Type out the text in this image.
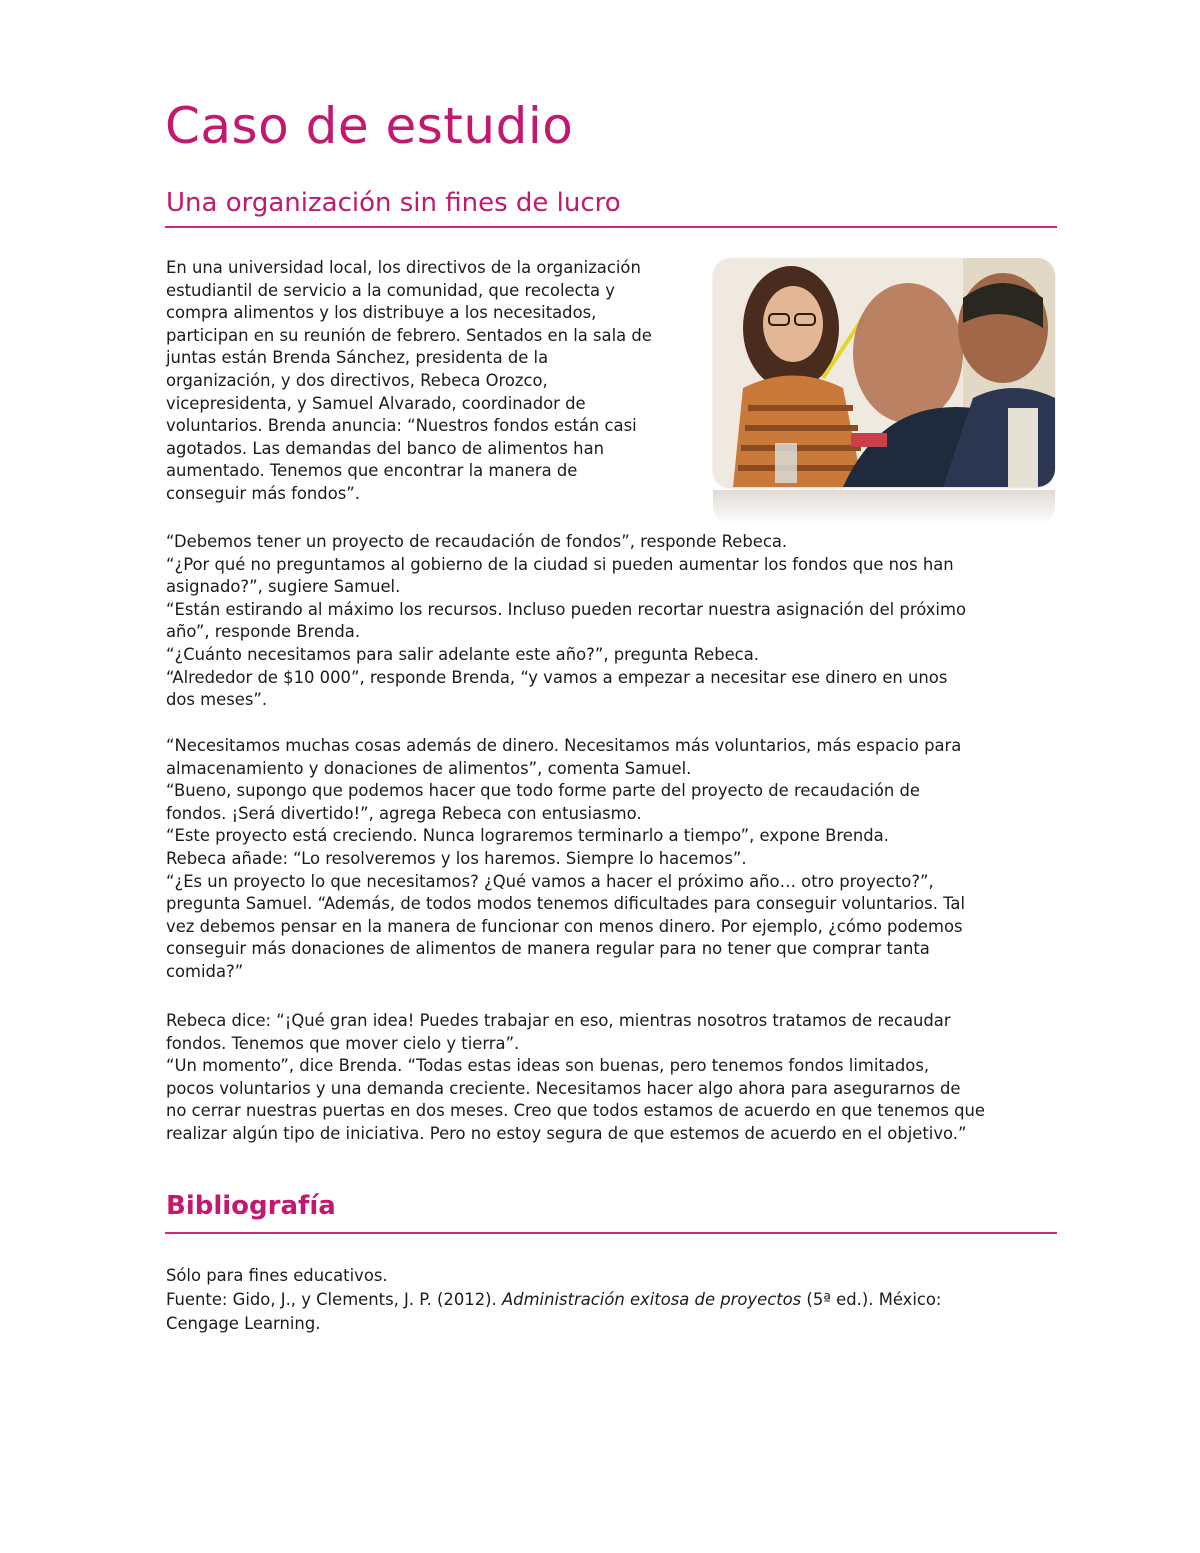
Caso de estudio
Una organización sin fines de lucro

En una universidad local, los directivos de la organización
estudiantil de servicio a la comunidad, que recolecta y
compra alimentos y los distribuye a los necesitados,
participan en su reunión de febrero. Sentados en la sala de
juntas están Brenda Sánchez, presidenta de la
organización, y dos directivos, Rebeca Orozco,
vicepresidenta, y Samuel Alvarado, coordinador de
voluntarios. Brenda anuncia: “Nuestros fondos están casi
agotados. Las demandas del banco de alimentos han
aumentado. Tenemos que encontrar la manera de
conseguir más fondos”.

“Debemos tener un proyecto de recaudación de fondos”, responde Rebeca.
“¿Por qué no preguntamos al gobierno de la ciudad si pueden aumentar los fondos que nos han
asignado?”, sugiere Samuel.
“Están estirando al máximo los recursos. Incluso pueden recortar nuestra asignación del próximo
año”, responde Brenda.
“¿Cuánto necesitamos para salir adelante este año?”, pregunta Rebeca.
“Alrededor de $10 000”, responde Brenda, “y vamos a empezar a necesitar ese dinero en unos
dos meses”.

“Necesitamos muchas cosas además de dinero. Necesitamos más voluntarios, más espacio para
almacenamiento y donaciones de alimentos”, comenta Samuel.
“Bueno, supongo que podemos hacer que todo forme parte del proyecto de recaudación de
fondos. ¡Será divertido!”, agrega Rebeca con entusiasmo.
“Este proyecto está creciendo. Nunca lograremos terminarlo a tiempo”, expone Brenda.
Rebeca añade: “Lo resolveremos y los haremos. Siempre lo hacemos”.
“¿Es un proyecto lo que necesitamos? ¿Qué vamos a hacer el próximo año… otro proyecto?”,
pregunta Samuel. “Además, de todos modos tenemos dificultades para conseguir voluntarios. Tal
vez debemos pensar en la manera de funcionar con menos dinero. Por ejemplo, ¿cómo podemos
conseguir más donaciones de alimentos de manera regular para no tener que comprar tanta
comida?”

Rebeca dice: “¡Qué gran idea! Puedes trabajar en eso, mientras nosotros tratamos de recaudar
fondos. Tenemos que mover cielo y tierra”.
“Un momento”, dice Brenda. “Todas estas ideas son buenas, pero tenemos fondos limitados,
pocos voluntarios y una demanda creciente. Necesitamos hacer algo ahora para asegurarnos de
no cerrar nuestras puertas en dos meses. Creo que todos estamos de acuerdo en que tenemos que
realizar algún tipo de iniciativa. Pero no estoy segura de que estemos de acuerdo en el objetivo.”

Bibliografía

Sólo para fines educativos.
Fuente: Gido, J., y Clements, J. P. (2012). Administración exitosa de proyectos (5ª ed.). México:
Cengage Learning.
